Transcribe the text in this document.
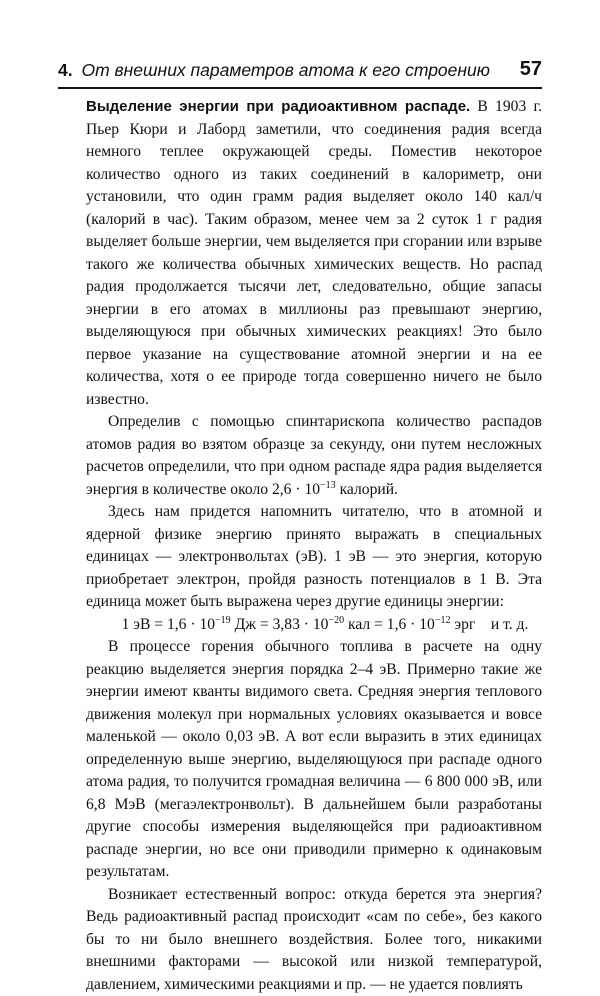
4. От внешних параметров атома к его строению 57

Выделение энергии при радиоактивном распаде. В 1903 г. Пьер Кюри и Лаборд заметили, что соединения радия всегда немного теплее окружающей среды. Поместив некоторое количество одного из таких соединений в калориметр, они установили, что один грамм радия выделяет около 140 кал/ч (калорий в час). Таким образом, менее чем за 2 суток 1 г радия выделяет больше энергии, чем выделяется при сгорании или взрыве такого же количества обычных химических веществ. Но распад радия продолжается тысячи лет, следовательно, общие запасы энергии в его атомах в миллионы раз превышают энергию, выделяющуюся при обычных химических реакциях! Это было первое указание на существование атомной энергии и на ее количества, хотя о ее природе тогда совершенно ничего не было известно.

Определив с помощью спинтарископа количество распадов атомов радия во взятом образце за секунду, они путем несложных расчетов определили, что при одном распаде ядра радия выделяется энергия в количестве около $2,6 \cdot 10^{-13}$ калорий.

Здесь нам придется напомнить читателю, что в атомной и ядерной физике энергию принято выражать в специальных единицах — электронвольтах (эВ). 1 эВ — это энергия, которую приобретает электрон, пройдя разность потенциалов в 1 В. Эта единица может быть выражена через другие единицы энергии:

1 эВ = $1,6 \cdot 10^{-19}$ Дж = $3,83 \cdot 10^{-20}$ кал = $1,6 \cdot 10^{-12}$ эрг    и т. д.

В процессе горения обычного топлива в расчете на одну реакцию выделяется энергия порядка 2–4 эВ. Примерно такие же энергии имеют кванты видимого света. Средняя энергия теплового движения молекул при нормальных условиях оказывается и вовсе маленькой — около 0,03 эВ. А вот если выразить в этих единицах определенную выше энергию, выделяющуюся при распаде одного атома радия, то получится громадная величина — 6 800 000 эВ, или 6,8 МэВ (мегаэлектронвольт). В дальнейшем были разработаны другие способы измерения выделяющейся при радиоактивном распаде энергии, но все они приводили примерно к одинаковым результатам.

Возникает естественный вопрос: откуда берется эта энергия? Ведь радиоактивный распад происходит «сам по себе», без какого бы то ни было внешнего воздействия. Более того, никакими внешними факторами — высокой или низкой температурой, давлением, химическими реакциями и пр. — не удается повлиять
